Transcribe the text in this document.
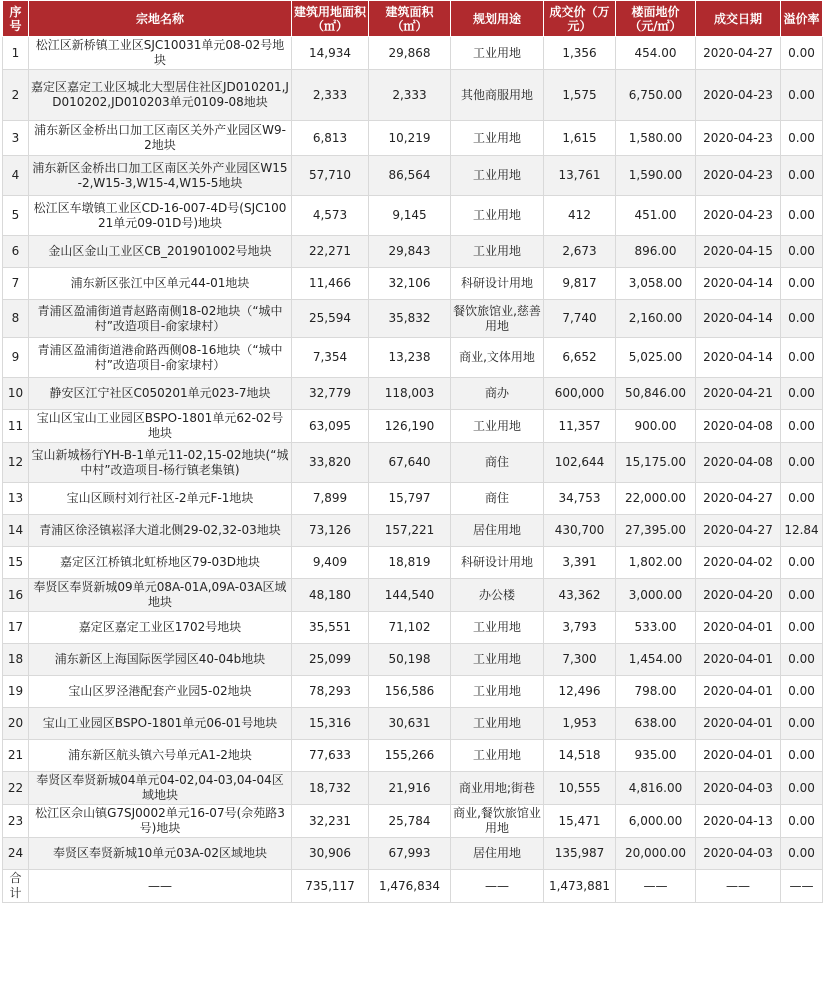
序号	宗地名称	建筑用地面积（㎡）	建筑面积（㎡）	规划用途	成交价（万元）	楼面地价（元/㎡）	成交日期	溢价率
1	松江区新桥镇工业区SJC10031单元08-02号地块	14,934	29,868	工业用地	1,356	454.00	2020-04-27	0.00
2	嘉定区嘉定工业区城北大型居住社区JD010201,JD010202,JD010203单元0109-08地块	2,333	2,333	其他商服用地	1,575	6,750.00	2020-04-23	0.00
3	浦东新区金桥出口加工区南区关外产业园区W9-2地块	6,813	10,219	工业用地	1,615	1,580.00	2020-04-23	0.00
4	浦东新区金桥出口加工区南区关外产业园区W15-2,W15-3,W15-4,W15-5地块	57,710	86,564	工业用地	13,761	1,590.00	2020-04-23	0.00
5	松江区车墩镇工业区CD-16-007-4D号(SJC10021单元09-01D号)地块	4,573	9,145	工业用地	412	451.00	2020-04-23	0.00
6	金山区金山工业区CB_201901002号地块	22,271	29,843	工业用地	2,673	896.00	2020-04-15	0.00
7	浦东新区张江中区单元44-01地块	11,466	32,106	科研设计用地	9,817	3,058.00	2020-04-14	0.00
8	青浦区盈浦街道青赵路南侧18-02地块（“城中村”改造项目-俞家埭村）	25,594	35,832	餐饮旅馆业,慈善用地	7,740	2,160.00	2020-04-14	0.00
9	青浦区盈浦街道港俞路西侧08-16地块（“城中村”改造项目-俞家埭村）	7,354	13,238	商业,文体用地	6,652	5,025.00	2020-04-14	0.00
10	静安区江宁社区C050201单元023-7地块	32,779	118,003	商办	600,000	50,846.00	2020-04-21	0.00
11	宝山区宝山工业园区BSPO-1801单元62-02号地块	63,095	126,190	工业用地	11,357	900.00	2020-04-08	0.00
12	宝山新城杨行YH-B-1单元11-02,15-02地块(“城中村”改造项目-杨行镇老集镇)	33,820	67,640	商住	102,644	15,175.00	2020-04-08	0.00
13	宝山区顾村刘行社区-2单元F-1地块	7,899	15,797	商住	34,753	22,000.00	2020-04-27	0.00
14	青浦区徐泾镇崧泽大道北侧29-02,32-03地块	73,126	157,221	居住用地	430,700	27,395.00	2020-04-27	12.84
15	嘉定区江桥镇北虹桥地区79-03D地块	9,409	18,819	科研设计用地	3,391	1,802.00	2020-04-02	0.00
16	奉贤区奉贤新城09单元08A-01A,09A-03A区域地块	48,180	144,540	办公楼	43,362	3,000.00	2020-04-20	0.00
17	嘉定区嘉定工业区1702号地块	35,551	71,102	工业用地	3,793	533.00	2020-04-01	0.00
18	浦东新区上海国际医学园区40-04b地块	25,099	50,198	工业用地	7,300	1,454.00	2020-04-01	0.00
19	宝山区罗泾港配套产业园5-02地块	78,293	156,586	工业用地	12,496	798.00	2020-04-01	0.00
20	宝山工业园区BSPO-1801单元06-01号地块	15,316	30,631	工业用地	1,953	638.00	2020-04-01	0.00
21	浦东新区航头镇六号单元A1-2地块	77,633	155,266	工业用地	14,518	935.00	2020-04-01	0.00
22	奉贤区奉贤新城04单元04-02,04-03,04-04区域地块	18,732	21,916	商业用地;街巷	10,555	4,816.00	2020-04-03	0.00
23	松江区佘山镇G7SJ0002单元16-07号(佘苑路3号)地块	32,231	25,784	商业,餐饮旅馆业用地	15,471	6,000.00	2020-04-13	0.00
24	奉贤区奉贤新城10单元03A-02区域地块	30,906	67,993	居住用地	135,987	20,000.00	2020-04-03	0.00
合计	——	735,117	1,476,834	——	1,473,881	——	——	——
